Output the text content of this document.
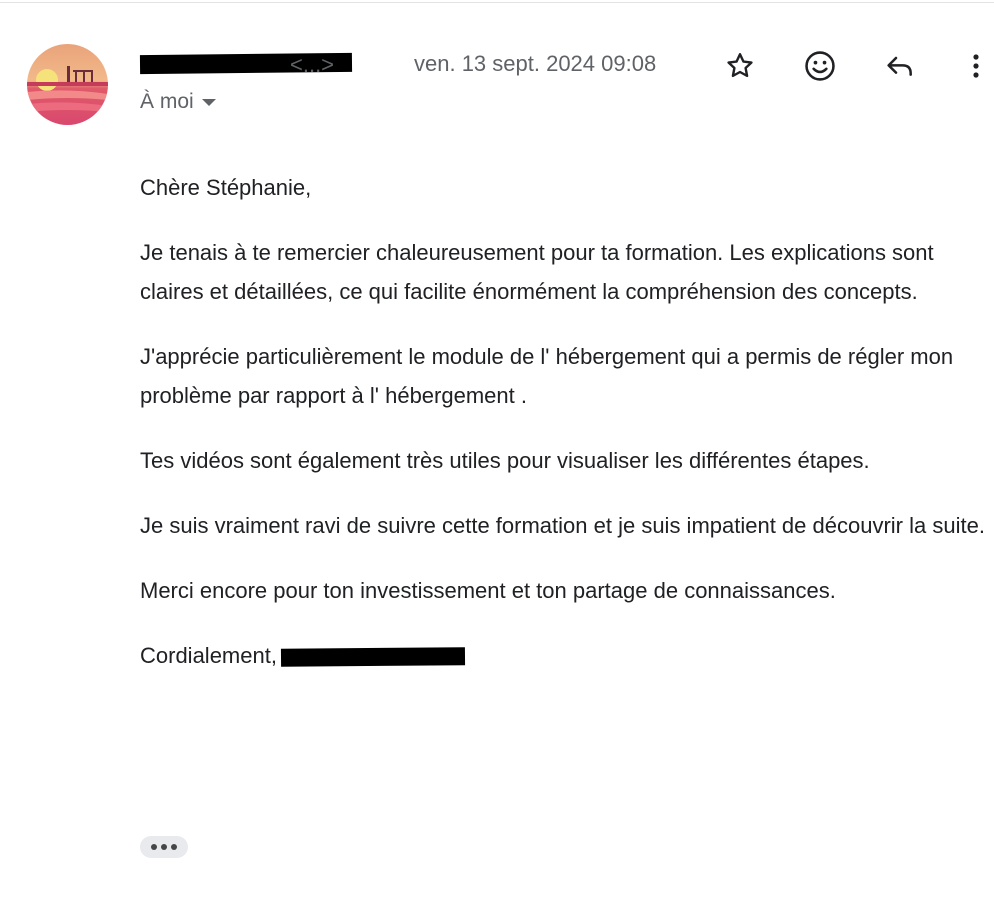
<...>	ven. 13 sept. 2024 09:08
À moi

Chère Stéphanie,

Je tenais à te remercier chaleureusement pour ta formation. Les explications sont claires et détaillées, ce qui facilite énormément la compréhension des concepts.

J'apprécie particulièrement le module de l' hébergement qui a permis de régler mon problème par rapport à l' hébergement .

Tes vidéos sont également très utiles pour visualiser les différentes étapes.

Je suis vraiment ravi de suivre cette formation et je suis impatient de découvrir la suite.

Merci encore pour ton investissement et ton partage de connaissances.

Cordialement,
